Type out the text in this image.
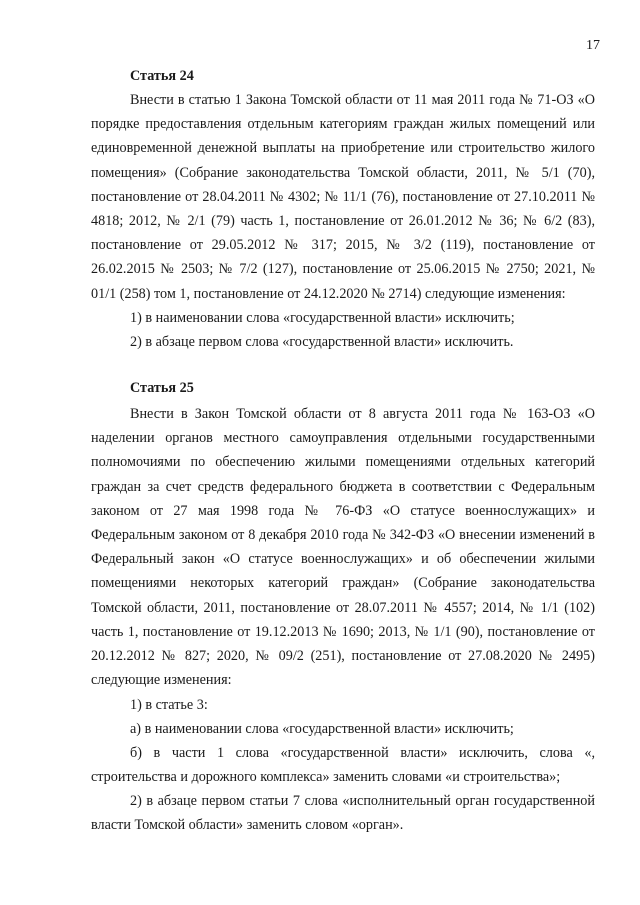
17
Статья 24

Внести в статью 1 Закона Томской области от 11 мая 2011 года № 71-ОЗ «О порядке предоставления отдельным категориям граждан жилых помещений или единовременной денежной выплаты на приобретение или строительство жилого помещения» (Собрание законодательства Томской области, 2011, № 5/1 (70), постановление от 28.04.2011 № 4302; № 11/1 (76), постановление от 27.10.2011 № 4818; 2012, № 2/1 (79) часть 1, постановление от 26.01.2012 № 36; № 6/2 (83), постановление от 29.05.2012 № 317; 2015, № 3/2 (119), постановление от 26.02.2015 № 2503; № 7/2 (127), постановление от 25.06.2015 № 2750; 2021, № 01/1 (258) том 1, постановление от 24.12.2020 № 2714) следующие изменения:

1) в наименовании слова «государственной власти» исключить;
2) в абзаце первом слова «государственной власти» исключить.
Статья 25

Внести в Закон Томской области от 8 августа 2011 года № 163-ОЗ «О наделении органов местного самоуправления отдельными государственными полномочиями по обеспечению жилыми помещениями отдельных категорий граждан за счет средств федерального бюджета в соответствии с Федеральным законом от 27 мая 1998 года № 76-ФЗ «О статусе военнослужащих» и Федеральным законом от 8 декабря 2010 года № 342-ФЗ «О внесении изменений в Федеральный закон «О статусе военнослужащих» и об обеспечении жилыми помещениями некоторых категорий граждан» (Собрание законодательства Томской области, 2011, постановление от 28.07.2011 № 4557; 2014, № 1/1 (102) часть 1, постановление от 19.12.2013 № 1690; 2013, № 1/1 (90), постановление от 20.12.2012 № 827; 2020, № 09/2 (251), постановление от 27.08.2020 № 2495) следующие изменения:

1) в статье 3:
а) в наименовании слова «государственной власти» исключить;

б) в части 1 слова «государственной власти» исключить, слова «, строительства и дорожного комплекса» заменить словами «и строительства»;

2) в абзаце первом статьи 7 слова «исполнительный орган государственной власти Томской области» заменить словом «орган».
